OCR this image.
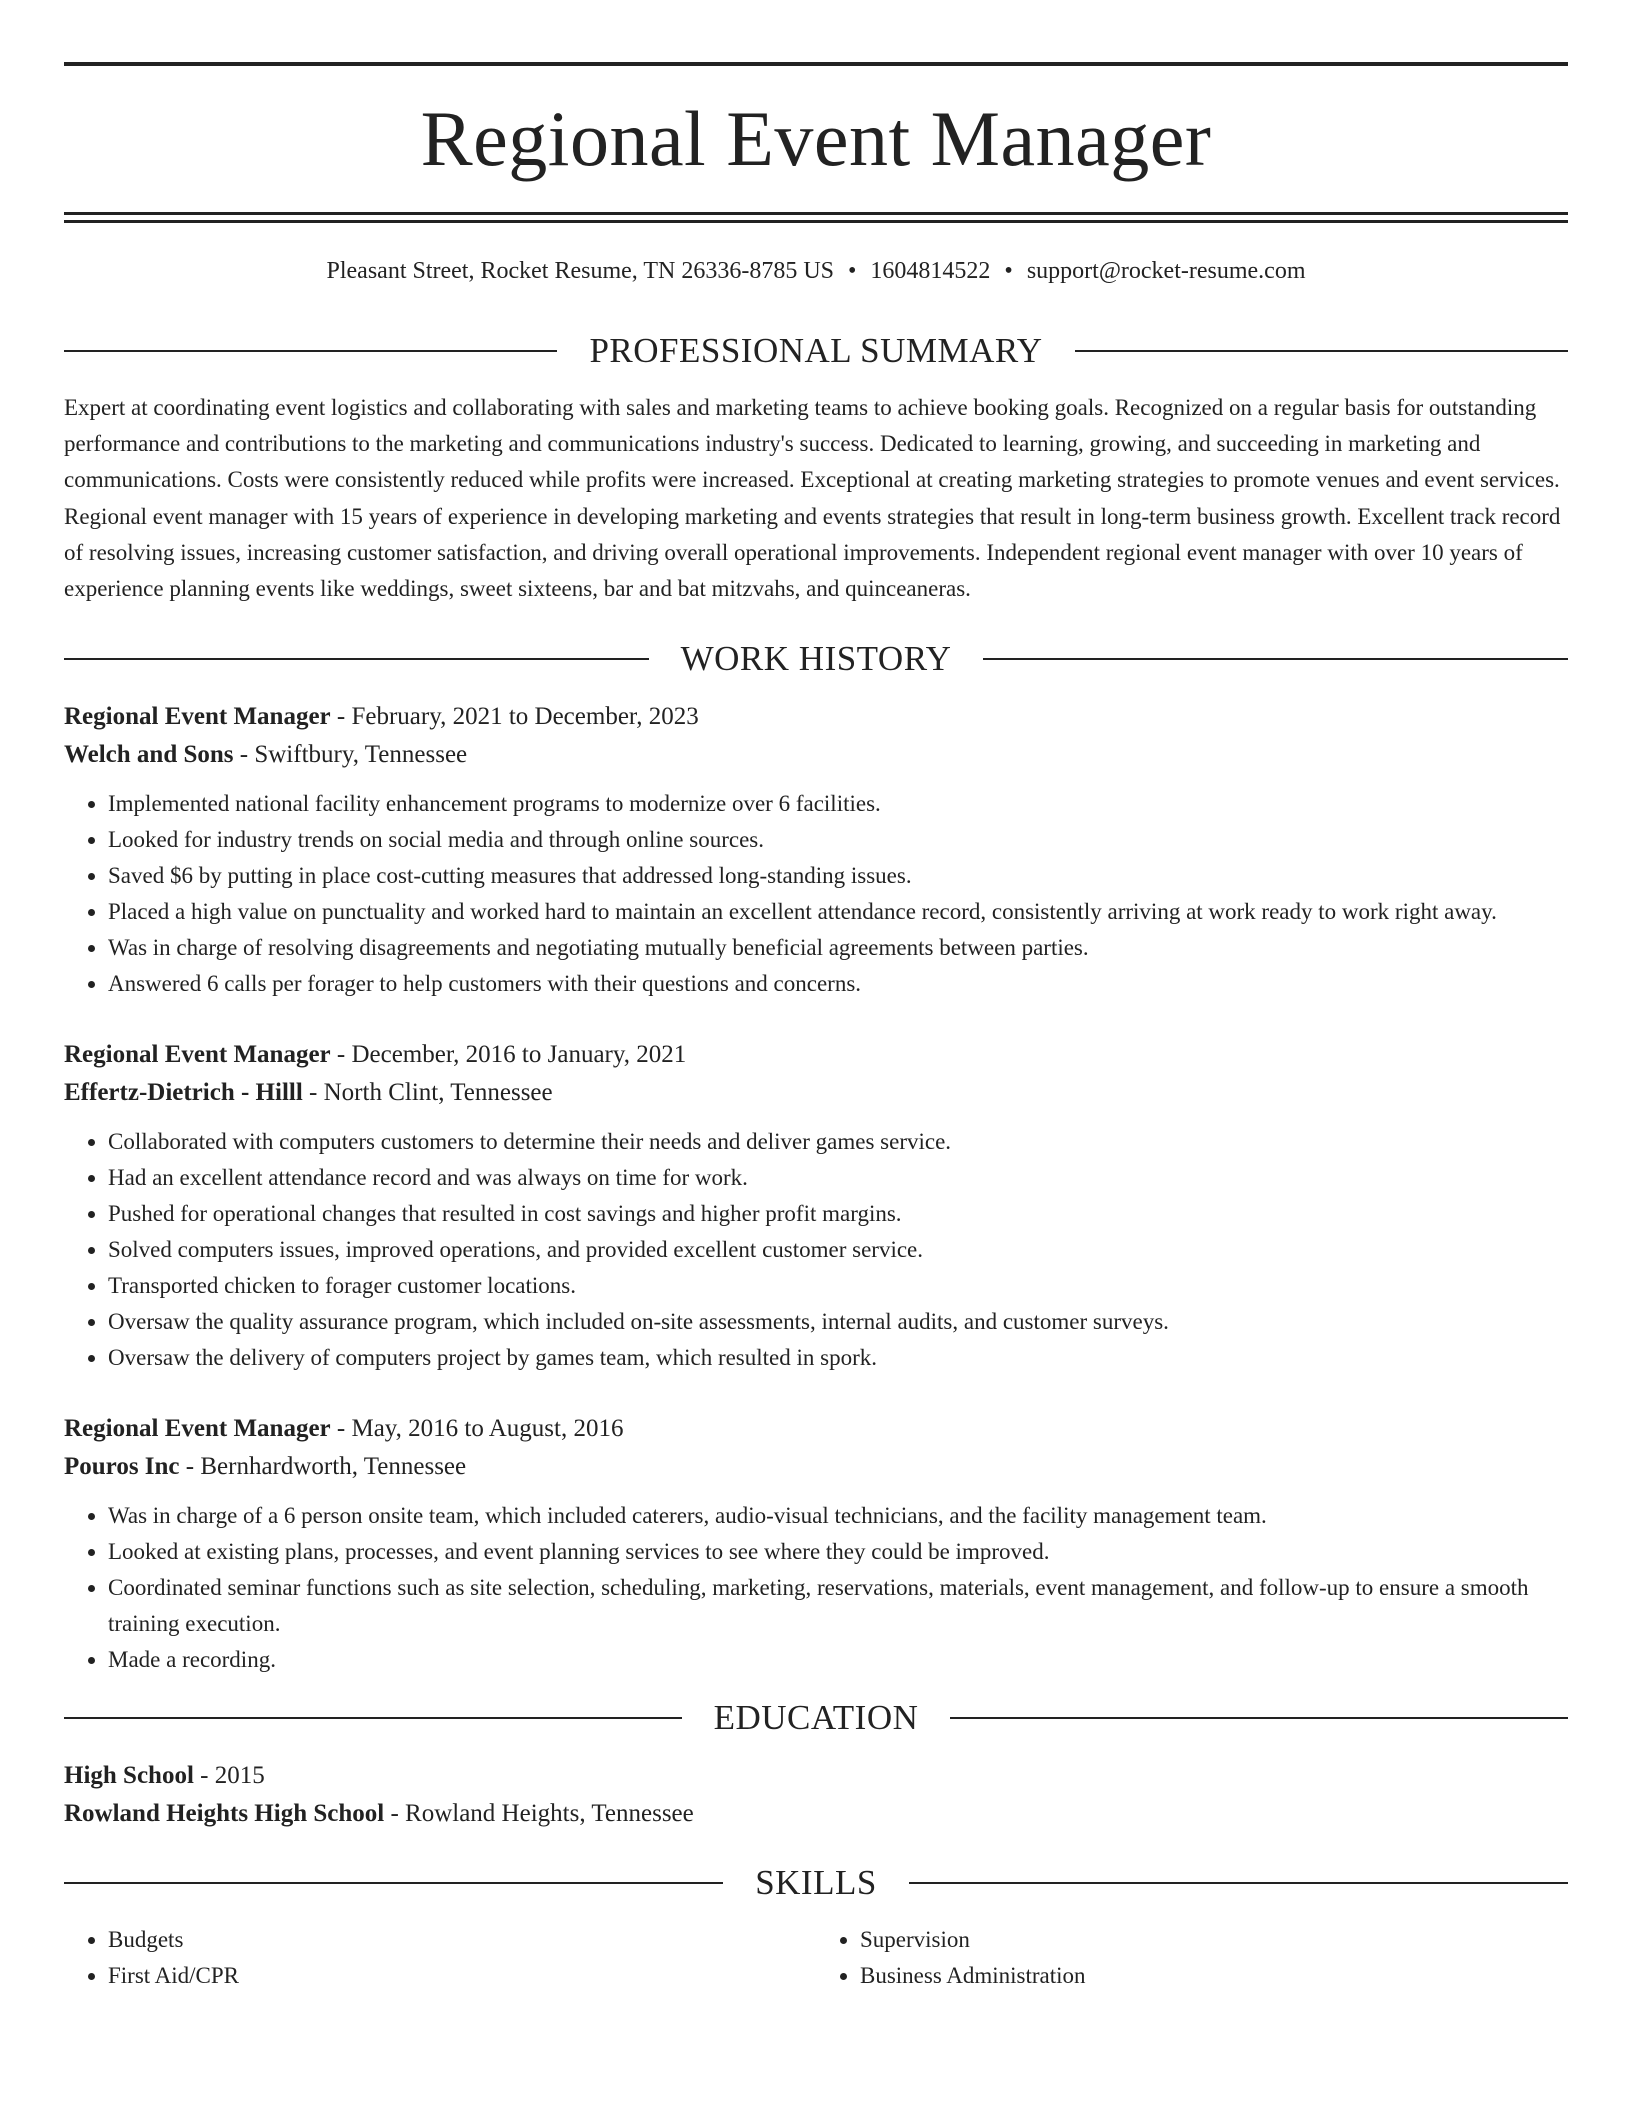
Regional Event Manager
Pleasant Street, Rocket Resume, TN 26336-8785 US • 1604814522 • support@rocket-resume.com
PROFESSIONAL SUMMARY

Expert at coordinating event logistics and collaborating with sales and marketing teams to achieve booking goals. Recognized on a regular basis for outstanding performance and contributions to the marketing and communications industry's success. Dedicated to learning, growing, and succeeding in marketing and communications. Costs were consistently reduced while profits were increased. Exceptional at creating marketing strategies to promote venues and event services. Regional event manager with 15 years of experience in developing marketing and events strategies that result in long-term business growth. Excellent track record of resolving issues, increasing customer satisfaction, and driving overall operational improvements. Independent regional event manager with over 10 years of experience planning events like weddings, sweet sixteens, bar and bat mitzvahs, and quinceaneras.

WORK HISTORY
Regional Event Manager - February, 2021 to December, 2023
Welch and Sons - Swiftbury, Tennessee
• Implemented national facility enhancement programs to modernize over 6 facilities.
• Looked for industry trends on social media and through online sources.
• Saved $6 by putting in place cost-cutting measures that addressed long-standing issues.
• Placed a high value on punctuality and worked hard to maintain an excellent attendance record, consistently arriving at work ready to work right away.
• Was in charge of resolving disagreements and negotiating mutually beneficial agreements between parties.
• Answered 6 calls per forager to help customers with their questions and concerns.
Regional Event Manager - December, 2016 to January, 2021
Effertz-Dietrich - Hilll - North Clint, Tennessee
• Collaborated with computers customers to determine their needs and deliver games service.
• Had an excellent attendance record and was always on time for work.
• Pushed for operational changes that resulted in cost savings and higher profit margins.
• Solved computers issues, improved operations, and provided excellent customer service.
• Transported chicken to forager customer locations.
• Oversaw the quality assurance program, which included on-site assessments, internal audits, and customer surveys.
• Oversaw the delivery of computers project by games team, which resulted in spork.
Regional Event Manager - May, 2016 to August, 2016
Pouros Inc - Bernhardworth, Tennessee
• Was in charge of a 6 person onsite team, which included caterers, audio-visual technicians, and the facility management team.
• Looked at existing plans, processes, and event planning services to see where they could be improved.
• Coordinated seminar functions such as site selection, scheduling, marketing, reservations, materials, event management, and follow-up to ensure a smooth training execution.
• Made a recording.
EDUCATION
High School - 2015
Rowland Heights High School - Rowland Heights, Tennessee
SKILLS
• Budgets
• First Aid/CPR
• Supervision
• Business Administration
